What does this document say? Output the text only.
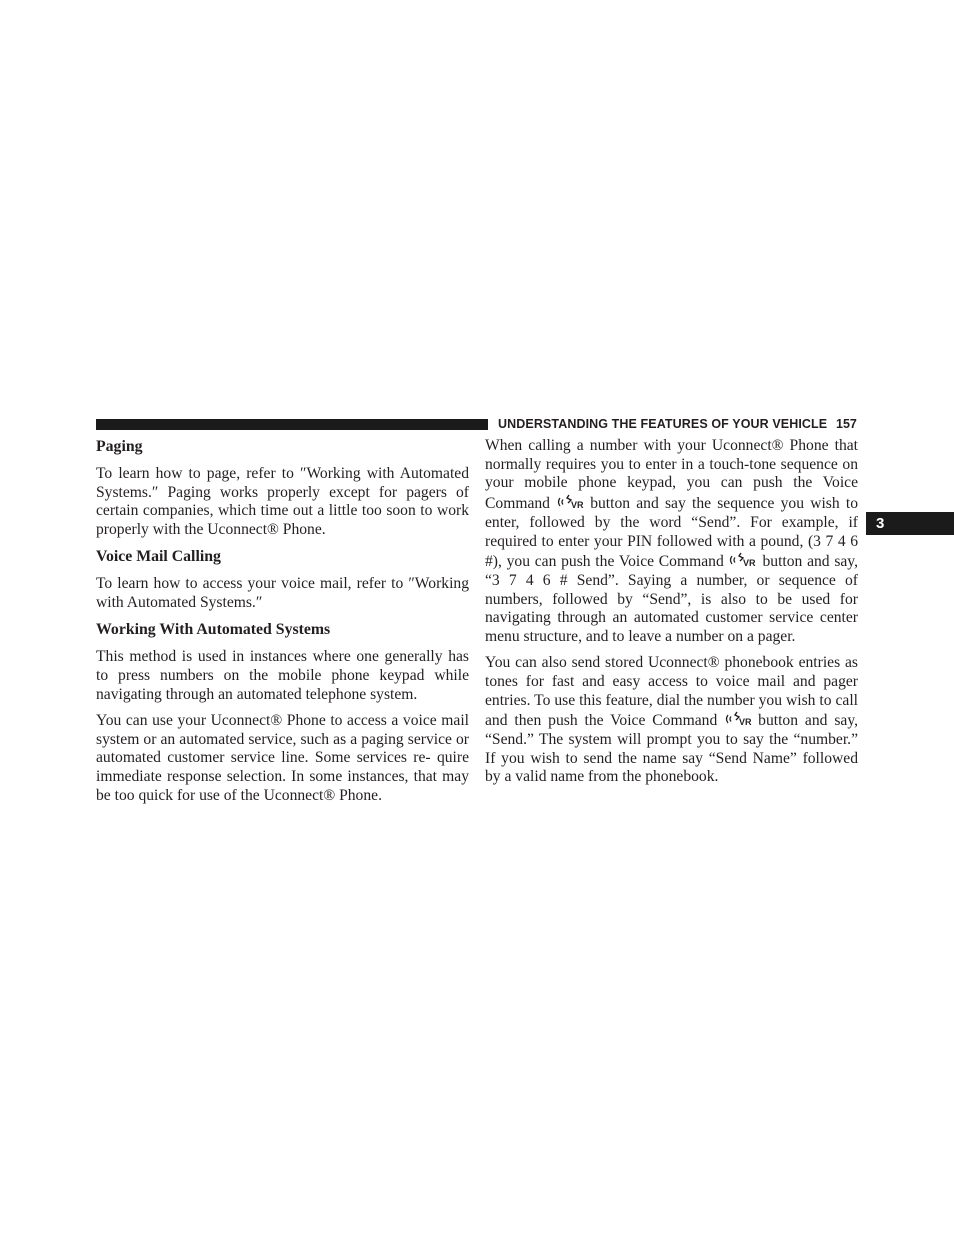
UNDERSTANDING THE FEATURES OF YOUR VEHICLE 157
3
Paging

To learn how to page, refer to ″Working with Automated Systems.″ Paging works properly except for pagers of certain companies, which time out a little too soon to work properly with the Uconnect® Phone.

Voice Mail Calling

To learn how to access your voice mail, refer to ″Working with Automated Systems.″

Working With Automated Systems

This method is used in instances where one generally has to press numbers on the mobile phone keypad while navigating through an automated telephone system.

You can use your Uconnect® Phone to access a voice mail system or an automated service, such as a paging service or automated customer service line. Some services re- quire immediate response selection. In some instances, that may be too quick for use of the Uconnect® Phone.

When calling a number with your Uconnect® Phone that normally requires you to enter in a touch-tone sequence on your mobile phone keypad, you can push the Voice Command VR button and say the sequence you wish to enter, followed by the word “Send”. For example, if required to enter your PIN followed with a pound, (3 7 4 6 #), you can push the Voice Command VR button and say, “3 7 4 6 # Send”. Saying a number, or sequence of numbers, followed by “Send”, is also to be used for navigating through an automated customer service center menu structure, and to leave a number on a pager.

You can also send stored Uconnect® phonebook entries as tones for fast and easy access to voice mail and pager entries. To use this feature, dial the number you wish to call and then push the Voice Command VR button and say, “Send.” The system will prompt you to say the “number.” If you wish to send the name say “Send Name” followed by a valid name from the phonebook.
